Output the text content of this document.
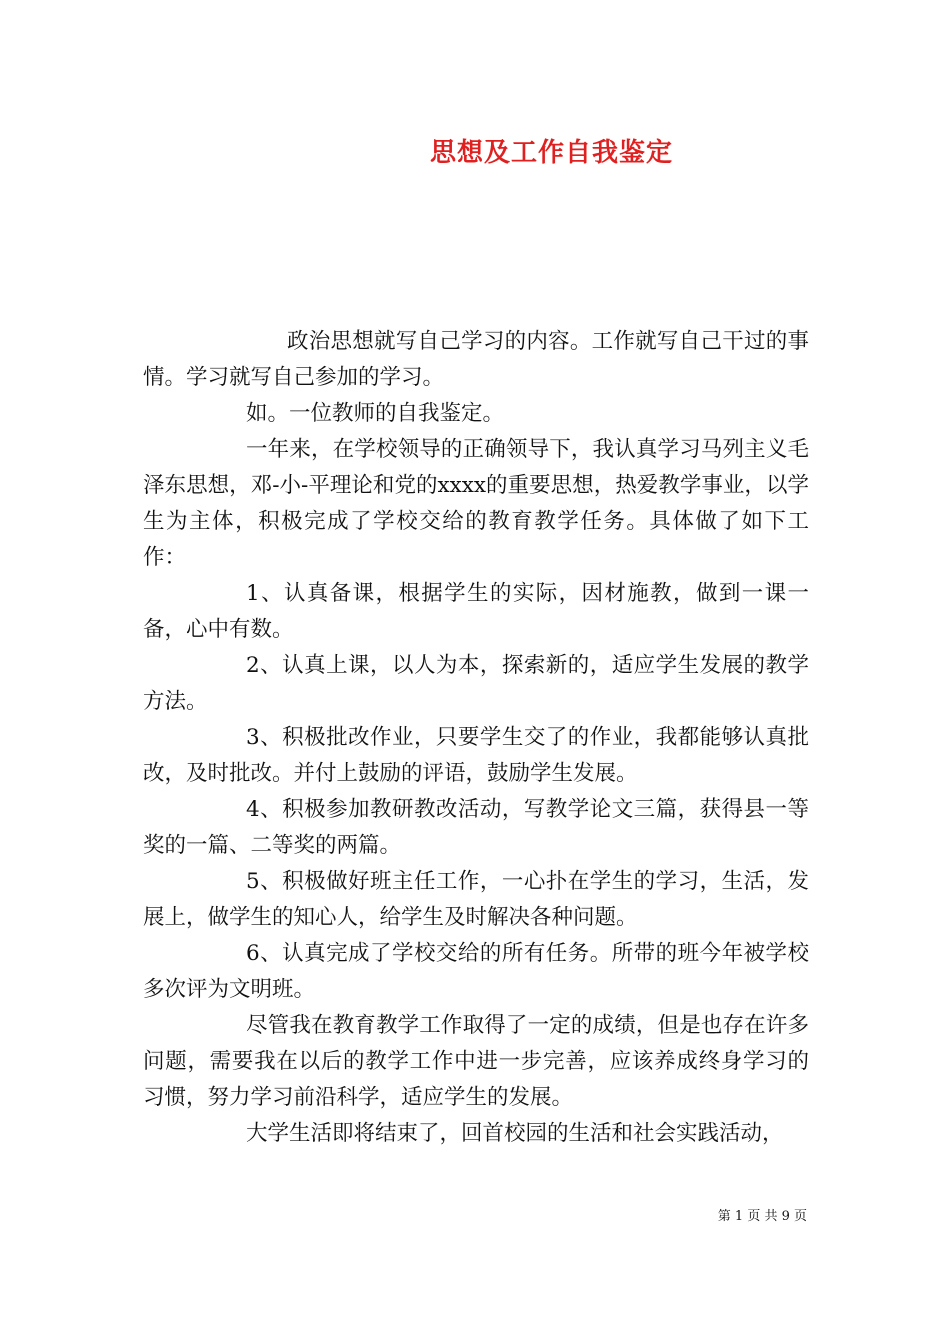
思想及工作自我鉴定

政治思想就写自己学习的内容。工作就写自己干过的事情。学习就写自己参加的学习。

如。一位教师的自我鉴定。

一年来，在学校领导的正确领导下，我认真学习马列主义毛泽东思想，邓-小-平理论和党的xxxx的重要思想，热爱教学事业，以学生为主体，积极完成了学校交给的教育教学任务。具体做了如下工作：

1、认真备课，根据学生的实际，因材施教，做到一课一备，心中有数。

2、认真上课，以人为本，探索新的，适应学生发展的教学方法。

3、积极批改作业，只要学生交了的作业，我都能够认真批改，及时批改。并付上鼓励的评语，鼓励学生发展。

4、积极参加教研教改活动，写教学论文三篇，获得县一等奖的一篇、二等奖的两篇。

5、积极做好班主任工作，一心扑在学生的学习，生活，发展上，做学生的知心人，给学生及时解决各种问题。

6、认真完成了学校交给的所有任务。所带的班今年被学校多次评为文明班。

尽管我在教育教学工作取得了一定的成绩，但是也存在许多问题，需要我在以后的教学工作中进一步完善，应该养成终身学习的习惯，努力学习前沿科学，适应学生的发展。

大学生活即将结束了，回首校园的生活和社会实践活动，

第 1 页 共 9 页
